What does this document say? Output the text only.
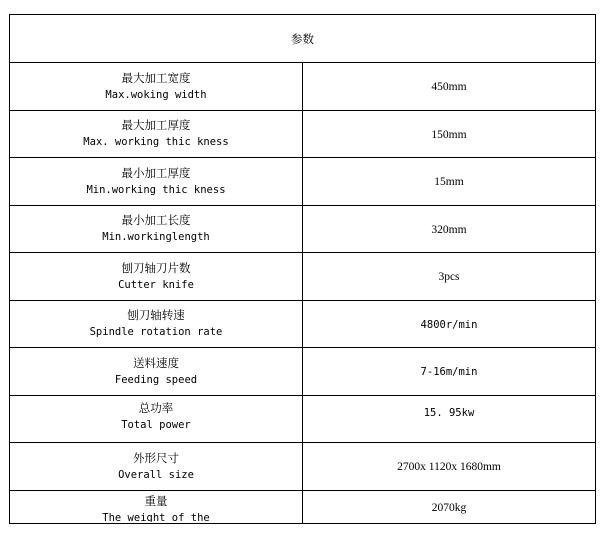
参数	

最大加工宽度
Max.woking width	450mm

最大加工厚度
Max. working thic kness	150mm

最小加工厚度
Min.working thic kness	15mm

最小加工长度
Min.workinglength	320mm

刨刀轴刀片数
Cutter knife	3pcs

刨刀轴转速
Spindle rotation rate	4800r/min

送料速度
Feeding speed	7-16m/min

总功率
Total power	15. 95kw

外形尺寸
Overall size	2700x 1120x 1680mm

重量
The weight of the	2070kg
